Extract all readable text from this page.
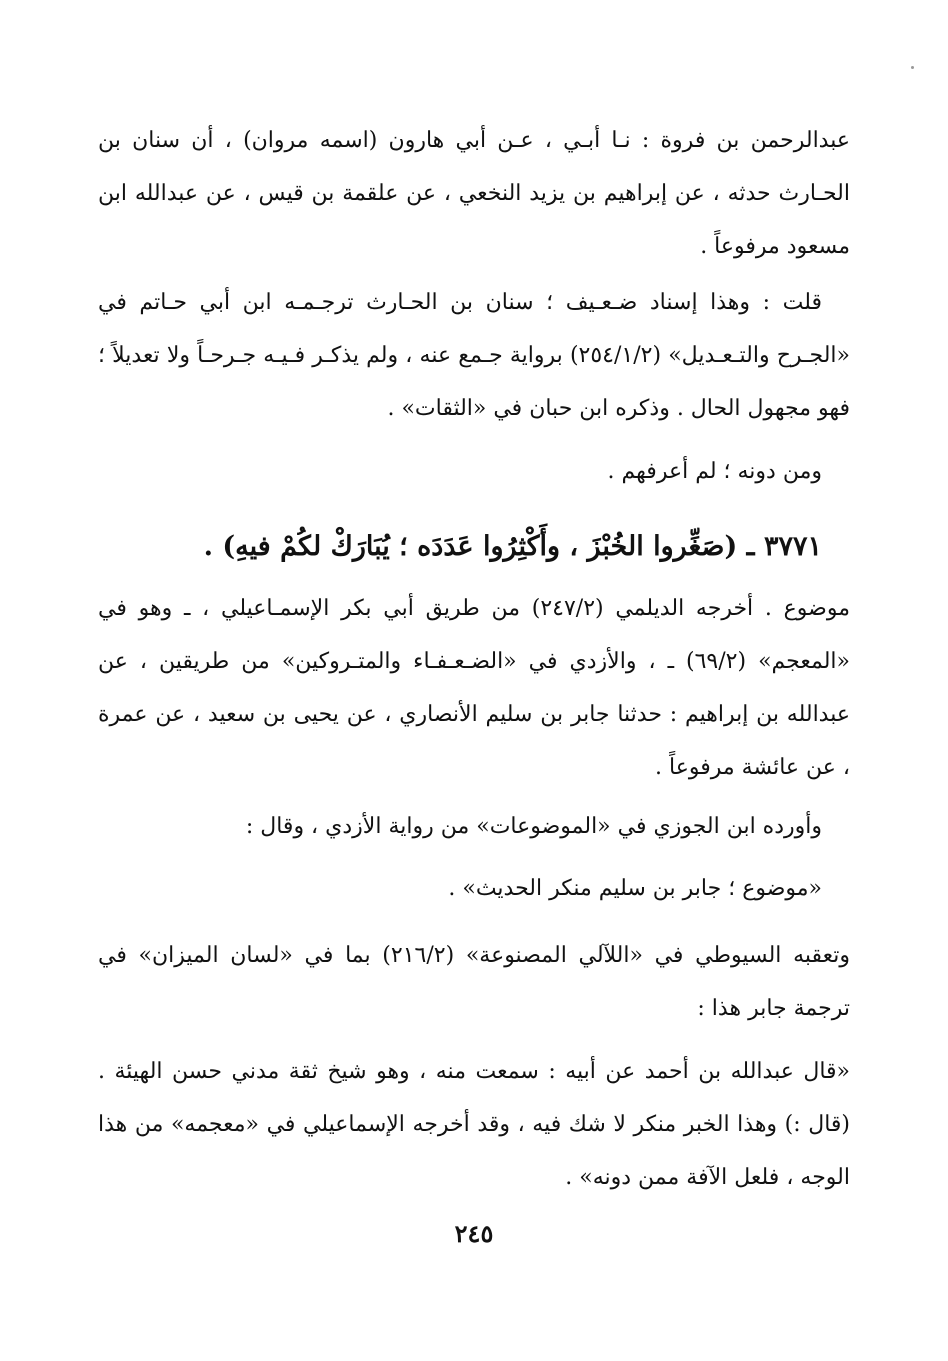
عبدالرحمن بن فروة : نـا أبـي ، عـن أبي هارون (اسمه مروان) ، أن سنان بن الحـارث حدثه ، عن إبراهيم بن يزيد النخعي ، عن علقمة بن قيس ، عن عبدالله ابن مسعود مرفوعاً .

قلت : وهذا إسناد ضـعـيف ؛ سنان بن الحـارث ترجـمـه ابن أبي حـاتم في «الجـرح والتـعـديل» (٢٥٤/١/٢) برواية جـمع عنه ، ولم يذكـر فـيـه جـرحـاً ولا تعديلاً ؛ فهو مجهول الحال . وذكره ابن حبان في «الثقات» .

ومن دونه ؛ لم أعرفهم .

٣٧٧١ ـ (صَغِّروا الخُبْزَ ، وأَكْثِرُوا عَدَدَه ؛ يُبَارَكْ لكُمْ فيهِ) .

موضوع . أخرجه الديلمي (٢٤٧/٢) من طريق أبي بكر الإسمـاعيلي ، ـ وهو في «المعجم» (٦٩/٢) ـ ، والأزدي في «الضـعـفـاء والمتـروكين» من طريقين ، عن عبدالله بن إبراهيم : حدثنا جابر بن سليم الأنصاري ، عن يحيى بن سعيد ، عن عمرة ، عن عائشة مرفوعاً .

وأورده ابن الجوزي في «الموضوعات» من رواية الأزدي ، وقال :

«موضوع ؛ جابر بن سليم منكر الحديث» .

وتعقبه السيوطي في «اللآلي المصنوعة» (٢١٦/٢) بما في «لسان الميزان» في ترجمة جابر هذا :

«قال عبدالله بن أحمد عن أبيه : سمعت منه ، وهو شيخ ثقة مدني حسن الهيئة . (قال :) وهذا الخبر منكر لا شك فيه ، وقد أخرجه الإسماعيلي في «معجمه» من هذا الوجه ، فلعل الآفة ممن دونه» .

٢٤٥
